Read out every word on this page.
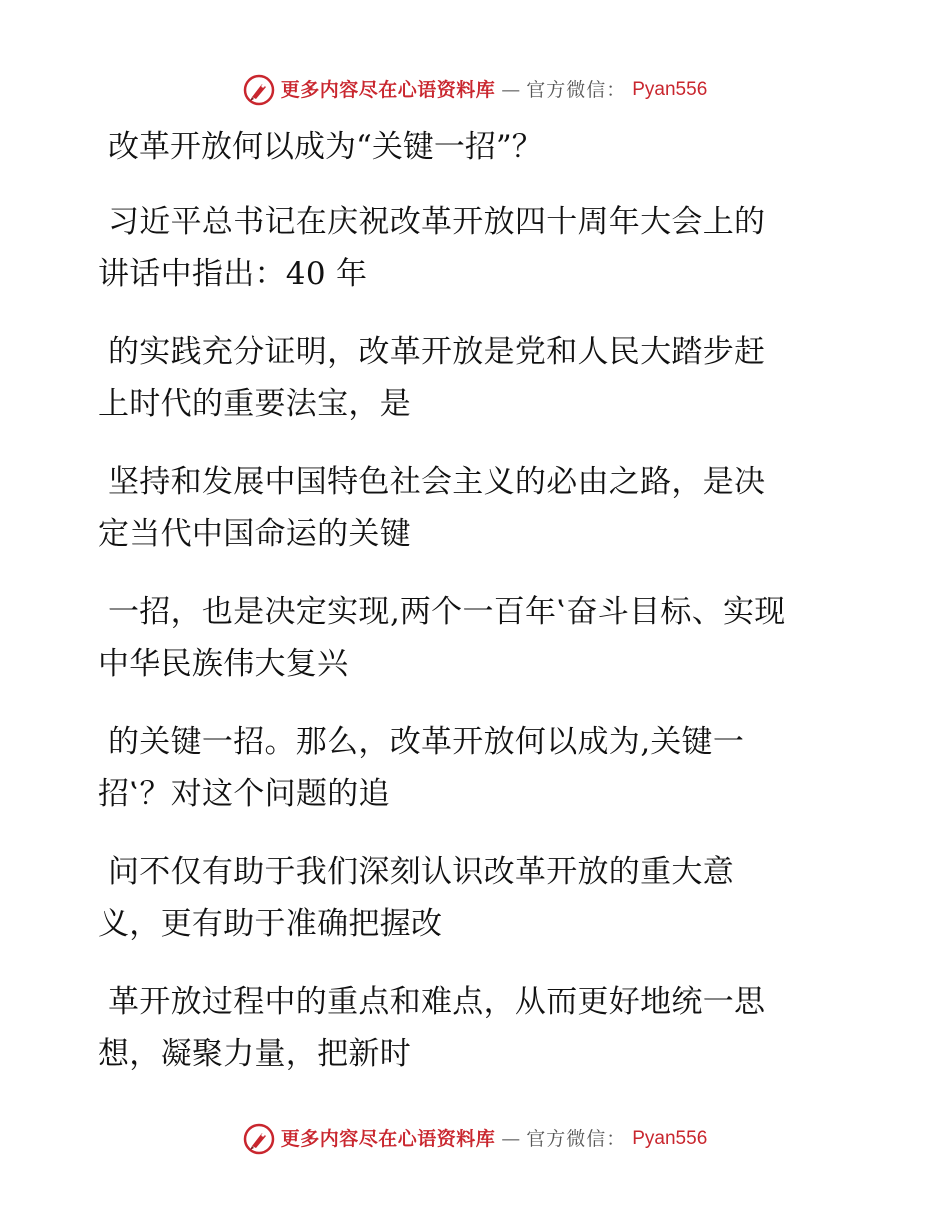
更多内容尽在心语资料库 — 官方微信： Pyan556
改革开放何以成为“关键一招”？

习近平总书记在庆祝改革开放四十周年大会上的
讲话中指出：40 年

的实践充分证明，改革开放是党和人民大踏步赶
上时代的重要法宝，是

坚持和发展中国特色社会主义的必由之路，是决
定当代中国命运的关键

一招，也是决定实现‚两个一百年‛奋斗目标、实现
中华民族伟大复兴

的关键一招。那么，改革开放何以成为‚关键一
招‛？对这个问题的追

问不仅有助于我们深刻认识改革开放的重大意
义，更有助于准确把握改

革开放过程中的重点和难点，从而更好地统一思
想，凝聚力量，把新时

更多内容尽在心语资料库 — 官方微信： Pyan556
